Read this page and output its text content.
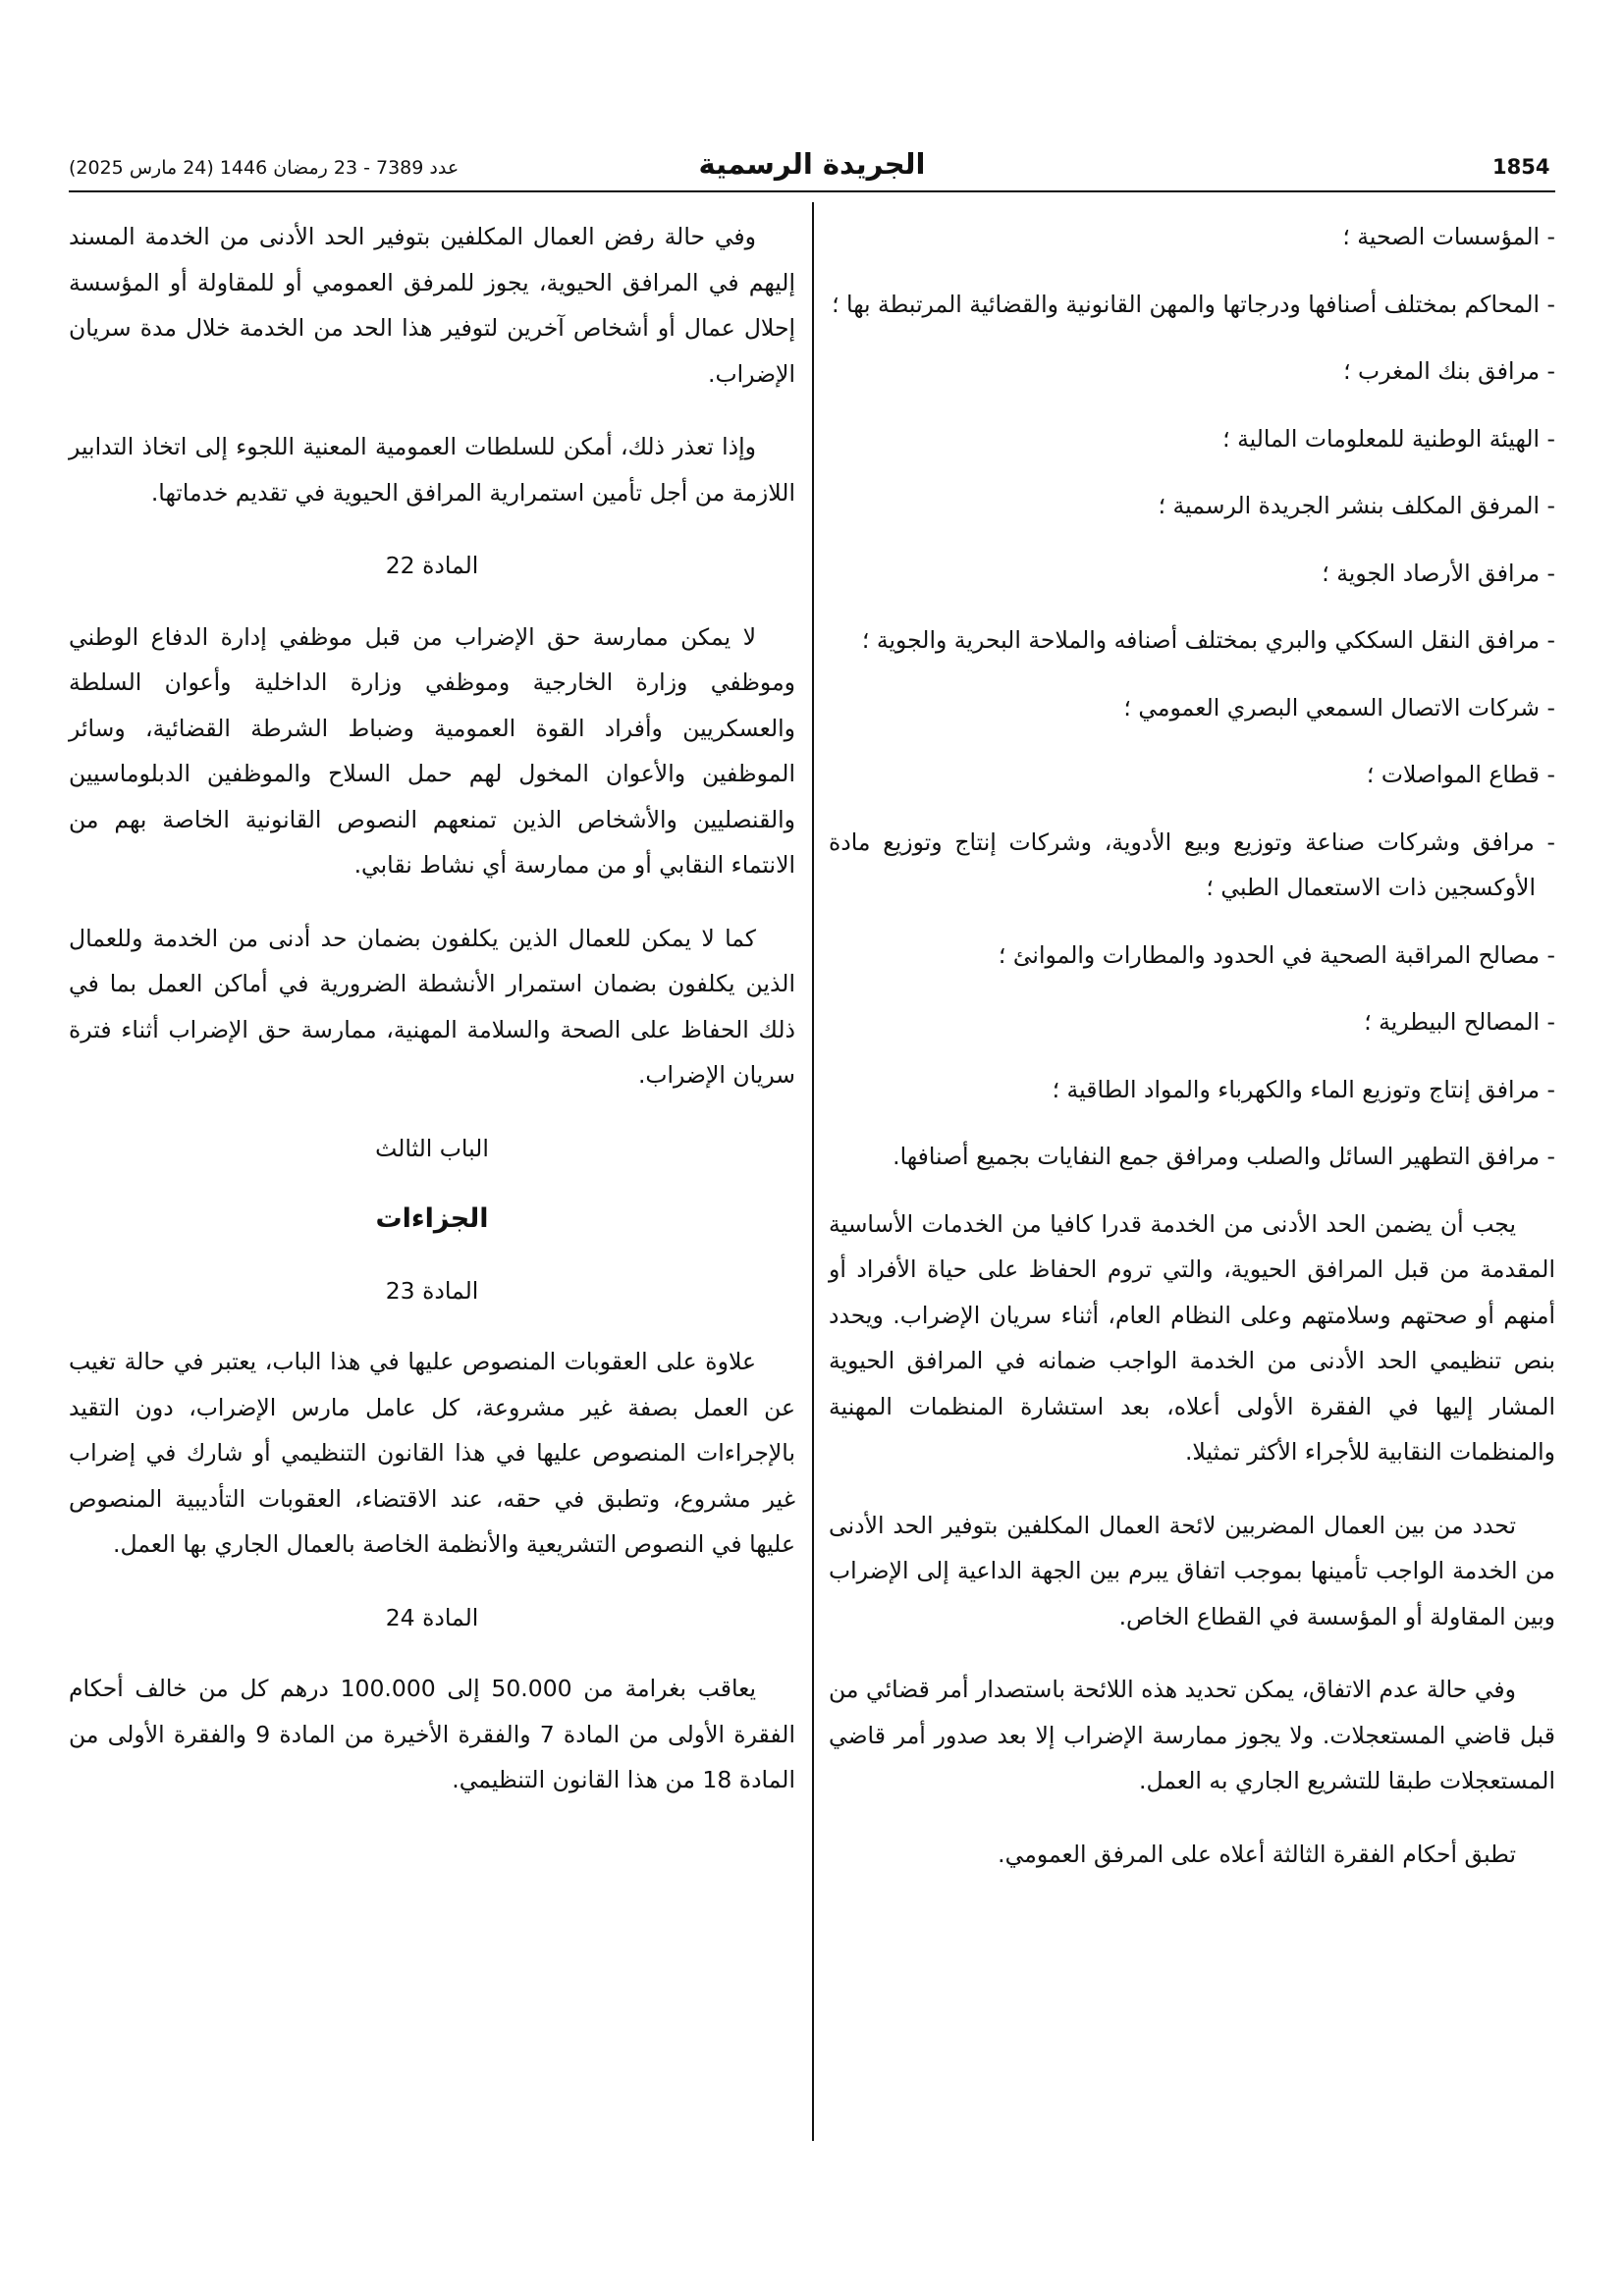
1854
الجريدة الرسمية
عدد 7389 - 23 رمضان 1446 (24 مارس 2025)
- المؤسسات الصحية ؛
- المحاكم بمختلف أصنافها ودرجاتها والمهن القانونية والقضائية المرتبطة بها ؛
- مرافق بنك المغرب ؛
- الهيئة الوطنية للمعلومات المالية ؛
- المرفق المكلف بنشر الجريدة الرسمية ؛
- مرافق الأرصاد الجوية ؛
- مرافق النقل السككي والبري بمختلف أصنافه والملاحة البحرية والجوية ؛
- شركات الاتصال السمعي البصري العمومي ؛
- قطاع المواصلات ؛
- مرافق وشركات صناعة وتوزيع وبيع الأدوية، وشركات إنتاج وتوزيع مادة الأوكسجين ذات الاستعمال الطبي ؛
- مصالح المراقبة الصحية في الحدود والمطارات والموانئ ؛
- المصالح البيطرية ؛
- مرافق إنتاج وتوزيع الماء والكهرباء والمواد الطاقية ؛
- مرافق التطهير السائل والصلب ومرافق جمع النفايات بجميع أصنافها.

يجب أن يضمن الحد الأدنى من الخدمة قدرا كافيا من الخدمات الأساسية المقدمة من قبل المرافق الحيوية، والتي تروم الحفاظ على حياة الأفراد أو أمنهم أو صحتهم وسلامتهم وعلى النظام العام، أثناء سريان الإضراب. ويحدد بنص تنظيمي الحد الأدنى من الخدمة الواجب ضمانه في المرافق الحيوية المشار إليها في الفقرة الأولى أعلاه، بعد استشارة المنظمات المهنية والمنظمات النقابية للأجراء الأكثر تمثيلا.

تحدد من بين العمال المضربين لائحة العمال المكلفين بتوفير الحد الأدنى من الخدمة الواجب تأمينها بموجب اتفاق يبرم بين الجهة الداعية إلى الإضراب وبين المقاولة أو المؤسسة في القطاع الخاص.

وفي حالة عدم الاتفاق، يمكن تحديد هذه اللائحة باستصدار أمر قضائي من قبل قاضي المستعجلات. ولا يجوز ممارسة الإضراب إلا بعد صدور أمر قاضي المستعجلات طبقا للتشريع الجاري به العمل.

تطبق أحكام الفقرة الثالثة أعلاه على المرفق العمومي.

وفي حالة رفض العمال المكلفين بتوفير الحد الأدنى من الخدمة المسند إليهم في المرافق الحيوية، يجوز للمرفق العمومي أو للمقاولة أو المؤسسة إحلال عمال أو أشخاص آخرين لتوفير هذا الحد من الخدمة خلال مدة سريان الإضراب.

وإذا تعذر ذلك، أمكن للسلطات العمومية المعنية اللجوء إلى اتخاذ التدابير اللازمة من أجل تأمين استمرارية المرافق الحيوية في تقديم خدماتها.

المادة 22

لا يمكن ممارسة حق الإضراب من قبل موظفي إدارة الدفاع الوطني وموظفي وزارة الخارجية وموظفي وزارة الداخلية وأعوان السلطة والعسكريين وأفراد القوة العمومية وضباط الشرطة القضائية، وسائر الموظفين والأعوان المخول لهم حمل السلاح والموظفين الدبلوماسيين والقنصليين والأشخاص الذين تمنعهم النصوص القانونية الخاصة بهم من الانتماء النقابي أو من ممارسة أي نشاط نقابي.

كما لا يمكن للعمال الذين يكلفون بضمان حد أدنى من الخدمة وللعمال الذين يكلفون بضمان استمرار الأنشطة الضرورية في أماكن العمل بما في ذلك الحفاظ على الصحة والسلامة المهنية، ممارسة حق الإضراب أثناء فترة سريان الإضراب.

الباب الثالث

الجزاءات

المادة 23

علاوة على العقوبات المنصوص عليها في هذا الباب، يعتبر في حالة تغيب عن العمل بصفة غير مشروعة، كل عامل مارس الإضراب، دون التقيد بالإجراءات المنصوص عليها في هذا القانون التنظيمي أو شارك في إضراب غير مشروع، وتطبق في حقه، عند الاقتضاء، العقوبات التأديبية المنصوص عليها في النصوص التشريعية والأنظمة الخاصة بالعمال الجاري بها العمل.

المادة 24

يعاقب بغرامة من 50.000 إلى 100.000 درهم كل من خالف أحكام الفقرة الأولى من المادة 7 والفقرة الأخيرة من المادة 9 والفقرة الأولى من المادة 18 من هذا القانون التنظيمي.
